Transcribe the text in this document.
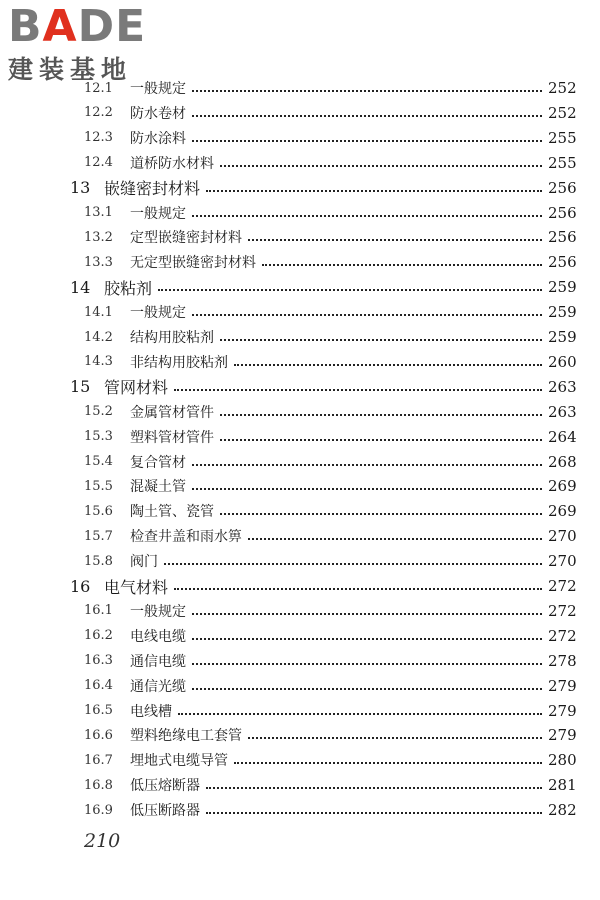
BADE
建装基地
12.1	一般规定	252
12.2	防水卷材	252
12.3	防水涂料	255
12.4	道桥防水材料	255
13 嵌缝密封材料	256
13.1	一般规定	256
13.2	定型嵌缝密封材料	256
13.3	无定型嵌缝密封材料	256
14 胶粘剂	259
14.1	一般规定	259
14.2	结构用胶粘剂	259
14.3	非结构用胶粘剂	260
15 管网材料	263
15.2	金属管材管件	263
15.3	塑料管材管件	264
15.4	复合管材	268
15.5	混凝土管	269
15.6	陶土管、瓷管	269
15.7	检查井盖和雨水箅	270
15.8	阀门	270
16 电气材料	272
16.1	一般规定	272
16.2	电线电缆	272
16.3	通信电缆	278
16.4	通信光缆	279
16.5	电线槽	279
16.6	塑料绝缘电工套管	279
16.7	埋地式电缆导管	280
16.8	低压熔断器	281
16.9	低压断路器	282
210
